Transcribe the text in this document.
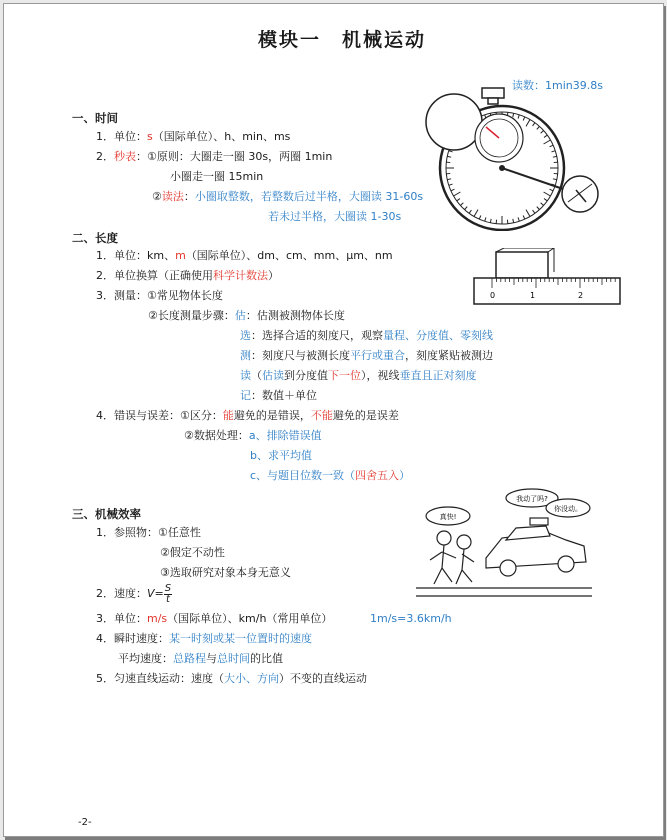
模块一　机械运动
读数：1min39.8s
一、时间
1．单位：s（国际单位）、h、min、ms
2．秒表：①原则：大圈走一圈 30s，两圈 1min
小圈走一圈 15min
②读法：小圈取整数，若整数后过半格，大圈读 31-60s
若未过半格，大圈读 1-30s
二、长度
1．单位：km、m（国际单位）、dm、cm、mm、μm、nm
2．单位换算（正确使用科学计数法）
3．测量：①常见物体长度
②长度测量步骤：估：估测被测物体长度
选：选择合适的刻度尺，观察量程、分度值、零刻线
测：刻度尺与被测长度平行或重合，刻度紧贴被测边
读（估读到分度值下一位），视线垂直且正对刻度
记：数值＋单位
4．错误与误差：①区分：能避免的是错误，不能避免的是误差
②数据处理：a、排除错误值
b、求平均值
c、与题目位数一致（四舍五入）
三、机械效率
1．参照物：①任意性
②假定不动性
③选取研究对象本身无意义
2．速度：$V= \frac{S}{t}$
3．单位：m/s（国际单位）、km/h（常用单位）	1m/s=3.6km/h
4．瞬时速度：某一时刻或某一位置时的速度
平均速度：总路程与总时间的比值
5．匀速直线运动：速度（大小、方向）不变的直线运动
-2-
0	1	2
我动了吗?
真快!
你没动。
